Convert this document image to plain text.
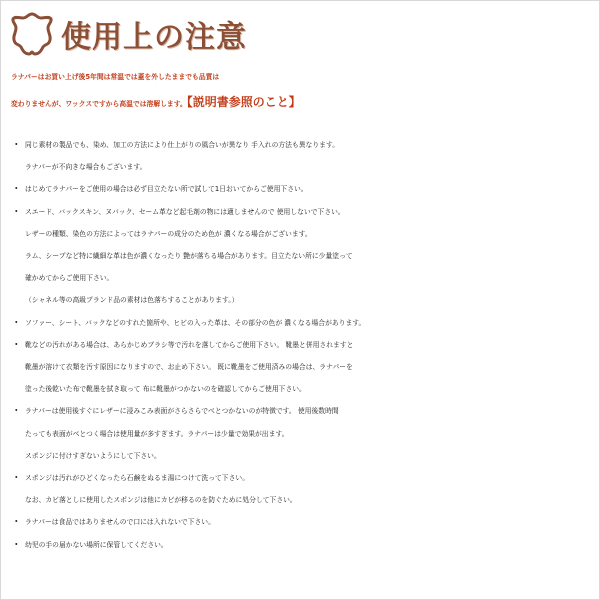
使用上の注意
ラナパーはお買い上げ後5年間は常温では蓋を外したままでも品質は
変わりませんが、ワックスですから高温では溶解します。【説明書参照のこと】
・ 同じ素材の製品でも、染め、加工の方法により仕上がりの風合いが異なり 手入れの方法も異なります。
ラナパーが不向きな場合もございます。
・ はじめてラナパーをご使用の場合は必ず目立たない所で試して1日おいてからご使用下さい。
・ スエード、バックスキン、ヌバック、セーム革など起毛剤の物には適しませんので 使用しないで下さい。
レザーの種類、染色の方法によってはラナパーの成分のため色が 濃くなる場合がございます。
ラム、シープなど特に繊細な革は色が濃くなったり 艶が落ちる場合があります。目立たない所に少量塗って
確かめてからご使用下さい。
（シャネル等の高級ブランド品の素材は色落ちすることがあります。）
・ ソファー、シート、バックなどのすれた箇所や、ヒビの入った革は、その部分の色が 濃くなる場合があります。
・ 靴などの汚れがある場合は、あらかじめブラシ等で汚れを落してからご使用下さい。 靴墨と併用されますと
靴墨が溶けて衣類を汚す原因になりますので、お止め下さい。 既に靴墨をご使用済みの場合は、ラナパーを
塗った後乾いた布で靴墨を拭き取って 布に靴墨がつかないのを確認してからご使用下さい。
・ ラナパーは使用後すぐにレザーに浸みこみ表面がさらさらでべとつかないのが特徴です。 使用後数時間
たっても表面がべとつく場合は使用量が多すぎます。ラナパーは少量で効果が出ます。
スポンジに付けすぎないようにして下さい。
・ スポンジは汚れがひどくなったら石鹸をぬるま湯につけて洗って下さい。
なお、カビ落としに使用したスポンジは他にカビが移るのを防ぐために処分して下さい。
・ ラナパーは食品ではありませんので口には入れないで下さい。
・ 幼児の手の届かない場所に保管してください。
